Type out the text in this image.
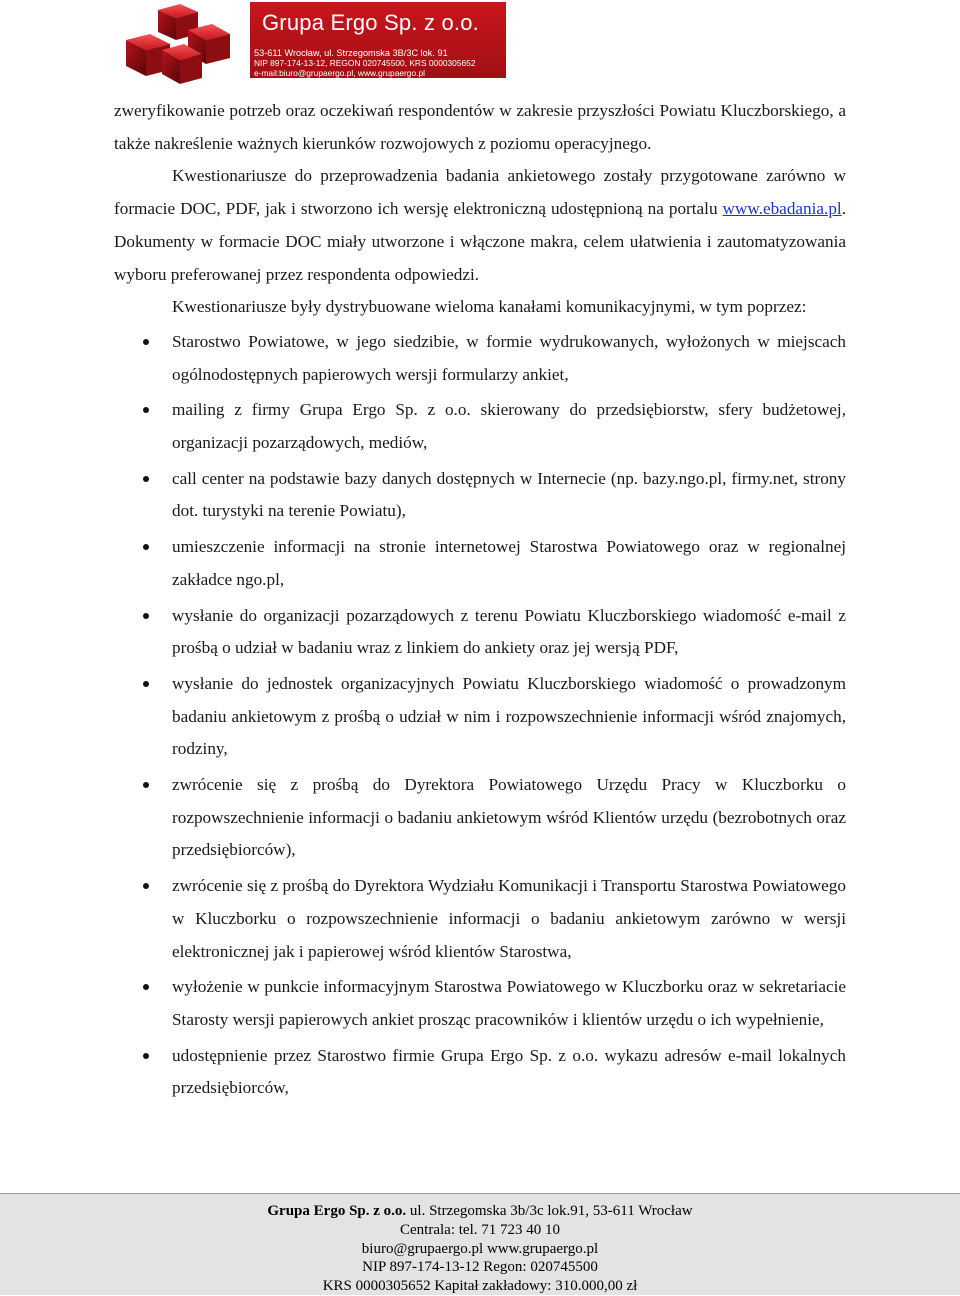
Grupa Ergo Sp. z o.o.
53-611 Wrocław, ul. Strzegomska 3B/3C lok. 91
NIP 897-174-13-12, REGON 020745500, KRS 0000305652
e-mail:biuro@grupaergo.pl, www.grupaergo.pl

zweryfikowanie potrzeb oraz oczekiwań respondentów w zakresie przyszłości Powiatu Kluczborskiego, a także nakreślenie ważnych kierunków rozwojowych z poziomu operacyjnego.

Kwestionariusze do przeprowadzenia badania ankietowego zostały przygotowane zarówno w formacie DOC, PDF, jak i stworzono ich wersję elektroniczną udostępnioną na portalu www.ebadania.pl. Dokumenty w formacie DOC miały utworzone i włączone makra, celem ułatwienia i zautomatyzowania wyboru preferowanej przez respondenta odpowiedzi.

Kwestionariusze były dystrybuowane wieloma kanałami komunikacyjnymi, w tym poprzez:

Starostwo Powiatowe, w jego siedzibie, w formie wydrukowanych, wyłożonych w miejscach ogólnodostępnych papierowych wersji formularzy ankiet,
mailing z firmy Grupa Ergo Sp. z o.o. skierowany do przedsiębiorstw, sfery budżetowej, organizacji pozarządowych, mediów,
call center na podstawie bazy danych dostępnych w Internecie (np. bazy.ngo.pl, firmy.net, strony dot. turystyki na terenie Powiatu),
umieszczenie informacji na stronie internetowej Starostwa Powiatowego oraz w regionalnej zakładce ngo.pl,
wysłanie do organizacji pozarządowych z terenu Powiatu Kluczborskiego wiadomość e-mail z prośbą o udział w badaniu wraz z linkiem do ankiety oraz jej wersją PDF,
wysłanie do jednostek organizacyjnych Powiatu Kluczborskiego wiadomość o prowadzonym badaniu ankietowym z prośbą o udział w nim i rozpowszechnienie informacji wśród znajomych, rodziny,
zwrócenie się z prośbą do Dyrektora Powiatowego Urzędu Pracy w Kluczborku o rozpowszechnienie informacji o badaniu ankietowym wśród Klientów urzędu (bezrobotnych oraz przedsiębiorców),
zwrócenie się z prośbą do Dyrektora Wydziału Komunikacji i Transportu Starostwa Powiatowego w Kluczborku o rozpowszechnienie informacji o badaniu ankietowym zarówno w wersji elektronicznej jak i papierowej wśród klientów Starostwa,
wyłożenie w punkcie informacyjnym Starostwa Powiatowego w Kluczborku oraz w sekretariacie Starosty wersji papierowych ankiet prosząc pracowników i klientów urzędu o ich wypełnienie,
udostępnienie przez Starostwo firmie Grupa Ergo Sp. z o.o. wykazu adresów e-mail lokalnych przedsiębiorców,
Grupa Ergo Sp. z o.o. ul. Strzegomska 3b/3c lok.91, 53-611 Wrocław
Centrala: tel. 71 723 40 10
biuro@grupaergo.pl www.grupaergo.pl
NIP 897-174-13-12 Regon: 020745500
KRS 0000305652 Kapitał zakładowy: 310.000,00 zł
